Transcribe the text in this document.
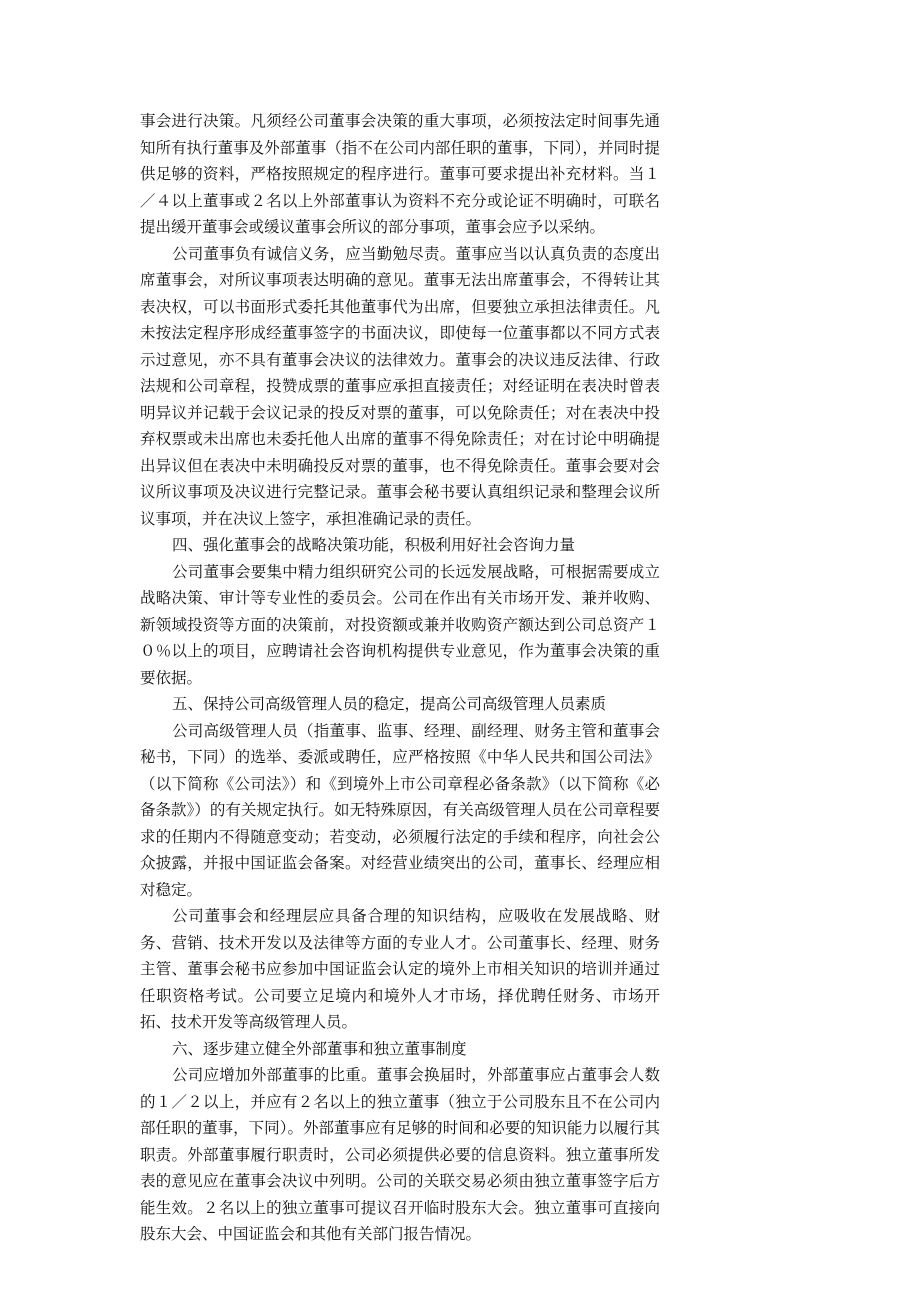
事会进行决策。凡须经公司董事会决策的重大事项，必须按法定时间事先通知所有执行董事及外部董事（指不在公司内部任职的董事，下同），并同时提供足够的资料，严格按照规定的程序进行。董事可要求提出补充材料。当１／４以上董事或２名以上外部董事认为资料不充分或论证不明确时，可联名提出缓开董事会或缓议董事会所议的部分事项，董事会应予以采纳。

公司董事负有诚信义务，应当勤勉尽责。董事应当以认真负责的态度出席董事会，对所议事项表达明确的意见。董事无法出席董事会，不得转让其表决权，可以书面形式委托其他董事代为出席，但要独立承担法律责任。凡未按法定程序形成经董事签字的书面决议，即使每一位董事都以不同方式表示过意见，亦不具有董事会决议的法律效力。董事会的决议违反法律、行政法规和公司章程，投赞成票的董事应承担直接责任；对经证明在表决时曾表明异议并记载于会议记录的投反对票的董事，可以免除责任；对在表决中投弃权票或未出席也未委托他人出席的董事不得免除责任；对在讨论中明确提出异议但在表决中未明确投反对票的董事，也不得免除责任。董事会要对会议所议事项及决议进行完整记录。董事会秘书要认真组织记录和整理会议所议事项，并在决议上签字，承担准确记录的责任。

四、强化董事会的战略决策功能，积极利用好社会咨询力量

公司董事会要集中精力组织研究公司的长远发展战略，可根据需要成立战略决策、审计等专业性的委员会。公司在作出有关市场开发、兼并收购、新领域投资等方面的决策前，对投资额或兼并收购资产额达到公司总资产１０％以上的项目，应聘请社会咨询机构提供专业意见，作为董事会决策的重要依据。

五、保持公司高级管理人员的稳定，提高公司高级管理人员素质

公司高级管理人员（指董事、监事、经理、副经理、财务主管和董事会秘书，下同）的选举、委派或聘任，应严格按照《中华人民共和国公司法》（以下简称《公司法》）和《到境外上市公司章程必备条款》（以下简称《必备条款》）的有关规定执行。如无特殊原因，有关高级管理人员在公司章程要求的任期内不得随意变动；若变动，必须履行法定的手续和程序，向社会公众披露，并报中国证监会备案。对经营业绩突出的公司，董事长、经理应相对稳定。

公司董事会和经理层应具备合理的知识结构，应吸收在发展战略、财务、营销、技术开发以及法律等方面的专业人才。公司董事长、经理、财务主管、董事会秘书应参加中国证监会认定的境外上市相关知识的培训并通过任职资格考试。公司要立足境内和境外人才市场，择优聘任财务、市场开拓、技术开发等高级管理人员。

六、逐步建立健全外部董事和独立董事制度

公司应增加外部董事的比重。董事会换届时，外部董事应占董事会人数的１／２以上，并应有２名以上的独立董事（独立于公司股东且不在公司内部任职的董事，下同）。外部董事应有足够的时间和必要的知识能力以履行其职责。外部董事履行职责时，公司必须提供必要的信息资料。独立董事所发表的意见应在董事会决议中列明。公司的关联交易必须由独立董事签字后方能生效。２名以上的独立董事可提议召开临时股东大会。独立董事可直接向股东大会、中国证监会和其他有关部门报告情况。
